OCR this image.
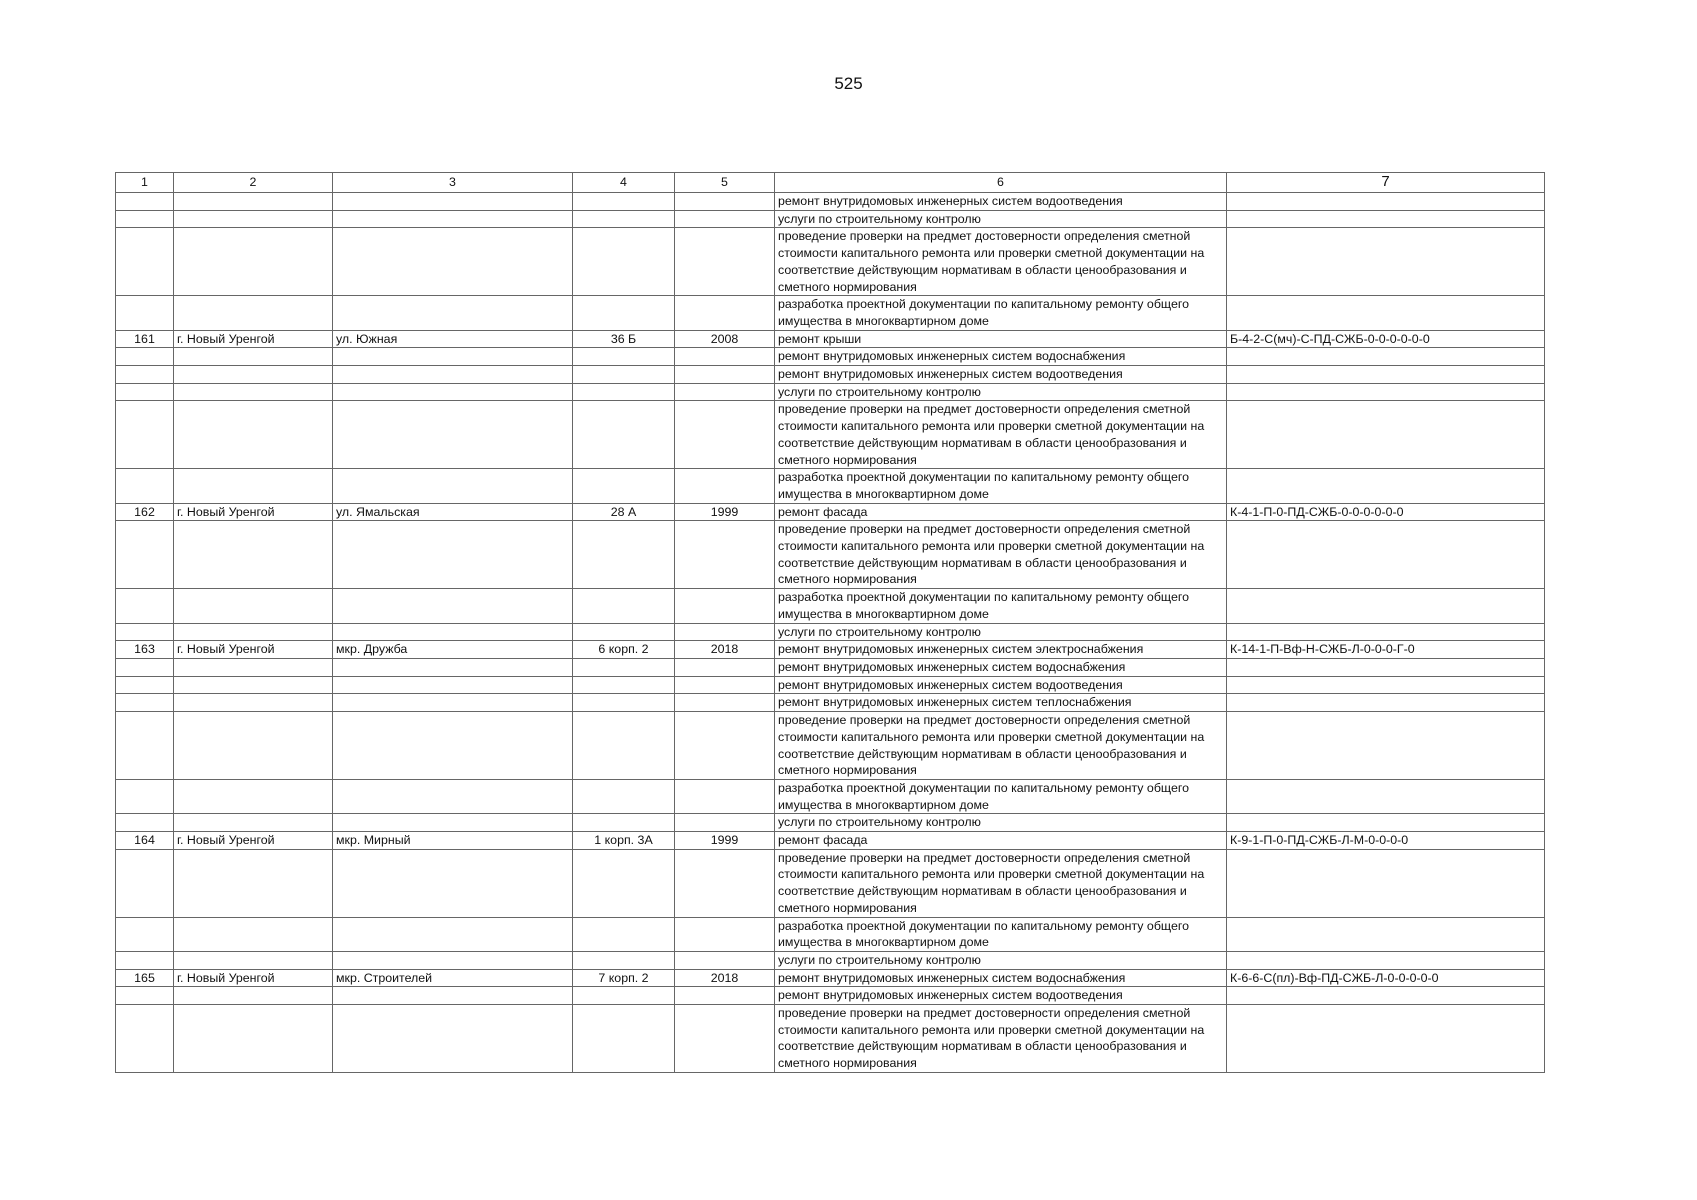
525
1	2	3	4	5	6	7
					ремонт внутридомовых инженерных систем водоотведения	
					услуги по строительному контролю	
					проведение проверки на предмет достоверности определения сметной стоимости капитального ремонта или проверки сметной документации на соответствие действующим нормативам в области ценообразования и сметного нормирования	
					разработка проектной документации по капитальному ремонту общего имущества в многоквартирном доме	
161	г. Новый Уренгой	ул. Южная	36 Б	2008	ремонт крыши	Б-4-2-С(мч)-С-ПД-СЖБ-0-0-0-0-0-0
					ремонт внутридомовых инженерных систем водоснабжения	
					ремонт внутридомовых инженерных систем водоотведения	
					услуги по строительному контролю	
					проведение проверки на предмет достоверности определения сметной стоимости капитального ремонта или проверки сметной документации на соответствие действующим нормативам в области ценообразования и сметного нормирования	
					разработка проектной документации по капитальному ремонту общего имущества в многоквартирном доме	
162	г. Новый Уренгой	ул. Ямальская	28 А	1999	ремонт фасада	К-4-1-П-0-ПД-СЖБ-0-0-0-0-0-0
					проведение проверки на предмет достоверности определения сметной стоимости капитального ремонта или проверки сметной документации на соответствие действующим нормативам в области ценообразования и сметного нормирования	
					разработка проектной документации по капитальному ремонту общего имущества в многоквартирном доме	
					услуги по строительному контролю	
163	г. Новый Уренгой	мкр. Дружба	6 корп. 2	2018	ремонт внутридомовых инженерных систем электроснабжения	К-14-1-П-Вф-Н-СЖБ-Л-0-0-0-Г-0
					ремонт внутридомовых инженерных систем водоснабжения	
					ремонт внутридомовых инженерных систем водоотведения	
					ремонт внутридомовых инженерных систем теплоснабжения	
					проведение проверки на предмет достоверности определения сметной стоимости капитального ремонта или проверки сметной документации на соответствие действующим нормативам в области ценообразования и сметного нормирования	
					разработка проектной документации по капитальному ремонту общего имущества в многоквартирном доме	
					услуги по строительному контролю	
164	г. Новый Уренгой	мкр. Мирный	1 корп. 3А	1999	ремонт фасада	К-9-1-П-0-ПД-СЖБ-Л-М-0-0-0-0
					проведение проверки на предмет достоверности определения сметной стоимости капитального ремонта или проверки сметной документации на соответствие действующим нормативам в области ценообразования и сметного нормирования	
					разработка проектной документации по капитальному ремонту общего имущества в многоквартирном доме	
					услуги по строительному контролю	
165	г. Новый Уренгой	мкр. Строителей	7 корп. 2	2018	ремонт внутридомовых инженерных систем водоснабжения	К-6-6-С(пл)-Вф-ПД-СЖБ-Л-0-0-0-0-0
					ремонт внутридомовых инженерных систем водоотведения	
					проведение проверки на предмет достоверности определения сметной стоимости капитального ремонта или проверки сметной документации на соответствие действующим нормативам в области ценообразования и сметного нормирования	
